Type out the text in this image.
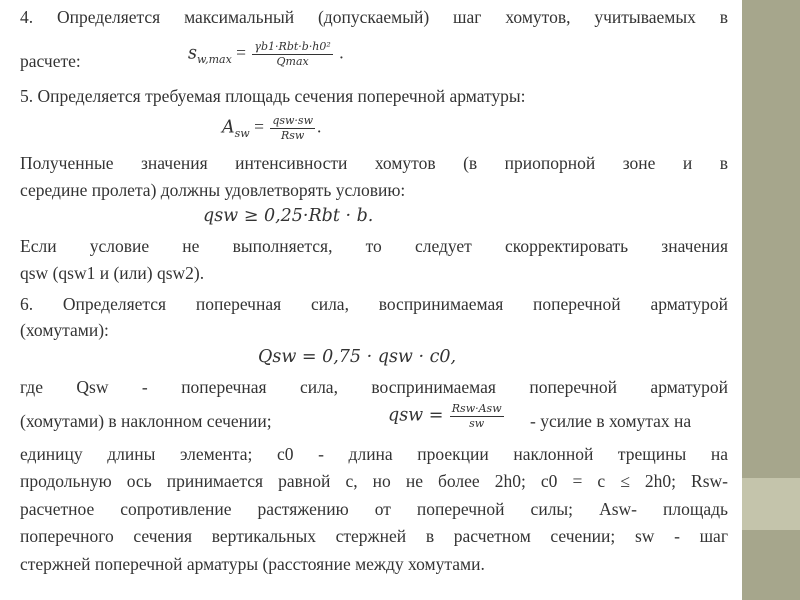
4. Определяется максимальный (допускаемый) шаг хомутов, учитываемых в
расчете:	$s_{w,max} = \frac{\text{γb1·Rbt·b·h0²}}{Qmax}$ .
5. Определяется требуемая площадь сечения поперечной арматуры:
$A_{sw} = \frac{\text{qsw·sw}}{\text{Rsw}}$ .
Полученные значения интенсивности хомутов (в приопорной зоне и в
середине пролета) должны удовлетворять условию:
qsw ≥ 0,25·Rbt · b.
Если условие не выполняется, то следует скорректировать значения
qsw (qsw1 и (или) qsw2).
6. Определяется поперечная сила, воспринимаемая поперечной арматурой
(хомутами):
Qsw = 0,75 · qsw · c0,
где Qsw - поперечная сила, воспринимаемая поперечной арматурой
(хомутами) в наклонном сечении;	qsw = $\frac{\text{Rsw·Asw}}{sw}$ - усилие в хомутах на
единицу длины элемента; c0 - длина проекции наклонной трещины на
продольную ось принимается равной c, но не более 2h0; c0 = c ≤ 2h0; Rsw-
расчетное сопротивление растяжению от поперечной силы; Asw- площадь
поперечного сечения вертикальных стержней в расчетном сечении; sw - шаг
стержней поперечной арматуры (расстояние между хомутами.
